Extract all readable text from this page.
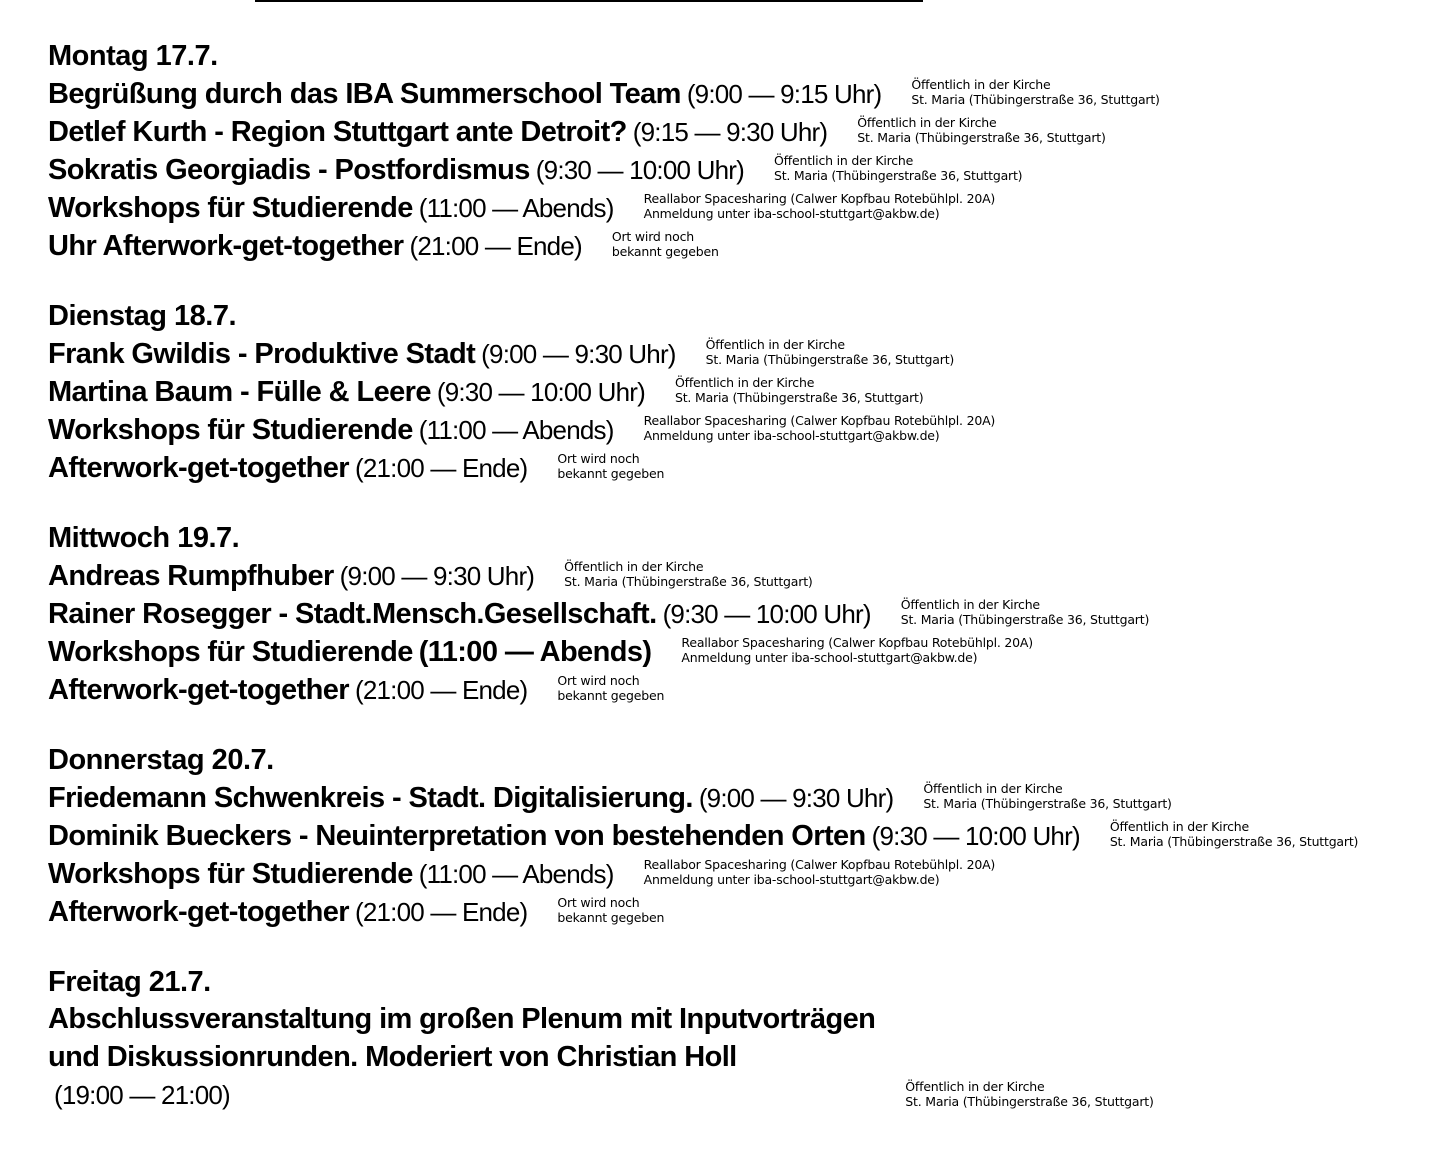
Montag 17.7.
Begrüßung durch das IBA Summerschool Team (9:00 — 9:15 Uhr) Öffentlich in der Kirche
St. Maria (Thübingerstraße 36, Stuttgart)
Detlef Kurth - Region Stuttgart ante Detroit? (9:15 — 9:30 Uhr) Öffentlich in der Kirche
St. Maria (Thübingerstraße 36, Stuttgart)
Sokratis Georgiadis - Postfordismus (9:30 — 10:00 Uhr) Öffentlich in der Kirche
St. Maria (Thübingerstraße 36, Stuttgart)
Workshops für Studierende (11:00 — Abends) Reallabor Spacesharing (Calwer Kopfbau Rotebühlpl. 20A)
Anmeldung unter iba-school-stuttgart@akbw.de)
Uhr Afterwork-get-together (21:00 — Ende) Ort wird noch
bekannt gegeben
Dienstag 18.7.
Frank Gwildis - Produktive Stadt (9:00 — 9:30 Uhr) Öffentlich in der Kirche
St. Maria (Thübingerstraße 36, Stuttgart)
Martina Baum - Fülle & Leere (9:30 — 10:00 Uhr) Öffentlich in der Kirche
St. Maria (Thübingerstraße 36, Stuttgart)
Workshops für Studierende (11:00 — Abends) Reallabor Spacesharing (Calwer Kopfbau Rotebühlpl. 20A)
Anmeldung unter iba-school-stuttgart@akbw.de)
Afterwork-get-together (21:00 — Ende) Ort wird noch
bekannt gegeben
Mittwoch 19.7.
Andreas Rumpfhuber (9:00 — 9:30 Uhr) Öffentlich in der Kirche
St. Maria (Thübingerstraße 36, Stuttgart)
Rainer Rosegger - Stadt.Mensch.Gesellschaft. (9:30 — 10:00 Uhr) Öffentlich in der Kirche
St. Maria (Thübingerstraße 36, Stuttgart)
Workshops für Studierende (11:00 — Abends) Reallabor Spacesharing (Calwer Kopfbau Rotebühlpl. 20A)
Anmeldung unter iba-school-stuttgart@akbw.de)
Afterwork-get-together (21:00 — Ende) Ort wird noch
bekannt gegeben
Donnerstag 20.7.
Friedemann Schwenkreis - Stadt. Digitalisierung. (9:00 — 9:30 Uhr) Öffentlich in der Kirche
St. Maria (Thübingerstraße 36, Stuttgart)
Dominik Bueckers - Neuinterpretation von bestehenden Orten (9:30 — 10:00 Uhr) Öffentlich in der Kirche
St. Maria (Thübingerstraße 36, Stuttgart)
Workshops für Studierende (11:00 — Abends) Reallabor Spacesharing (Calwer Kopfbau Rotebühlpl. 20A)
Anmeldung unter iba-school-stuttgart@akbw.de)
Afterwork-get-together (21:00 — Ende) Ort wird noch
bekannt gegeben
Freitag 21.7.
Abschlussveranstaltung im großen Plenum mit Inputvorträgen
und Diskussionrunden. Moderiert von Christian Holl
(19:00 — 21:00)	Öffentlich in der Kirche
St. Maria (Thübingerstraße 36, Stuttgart)
